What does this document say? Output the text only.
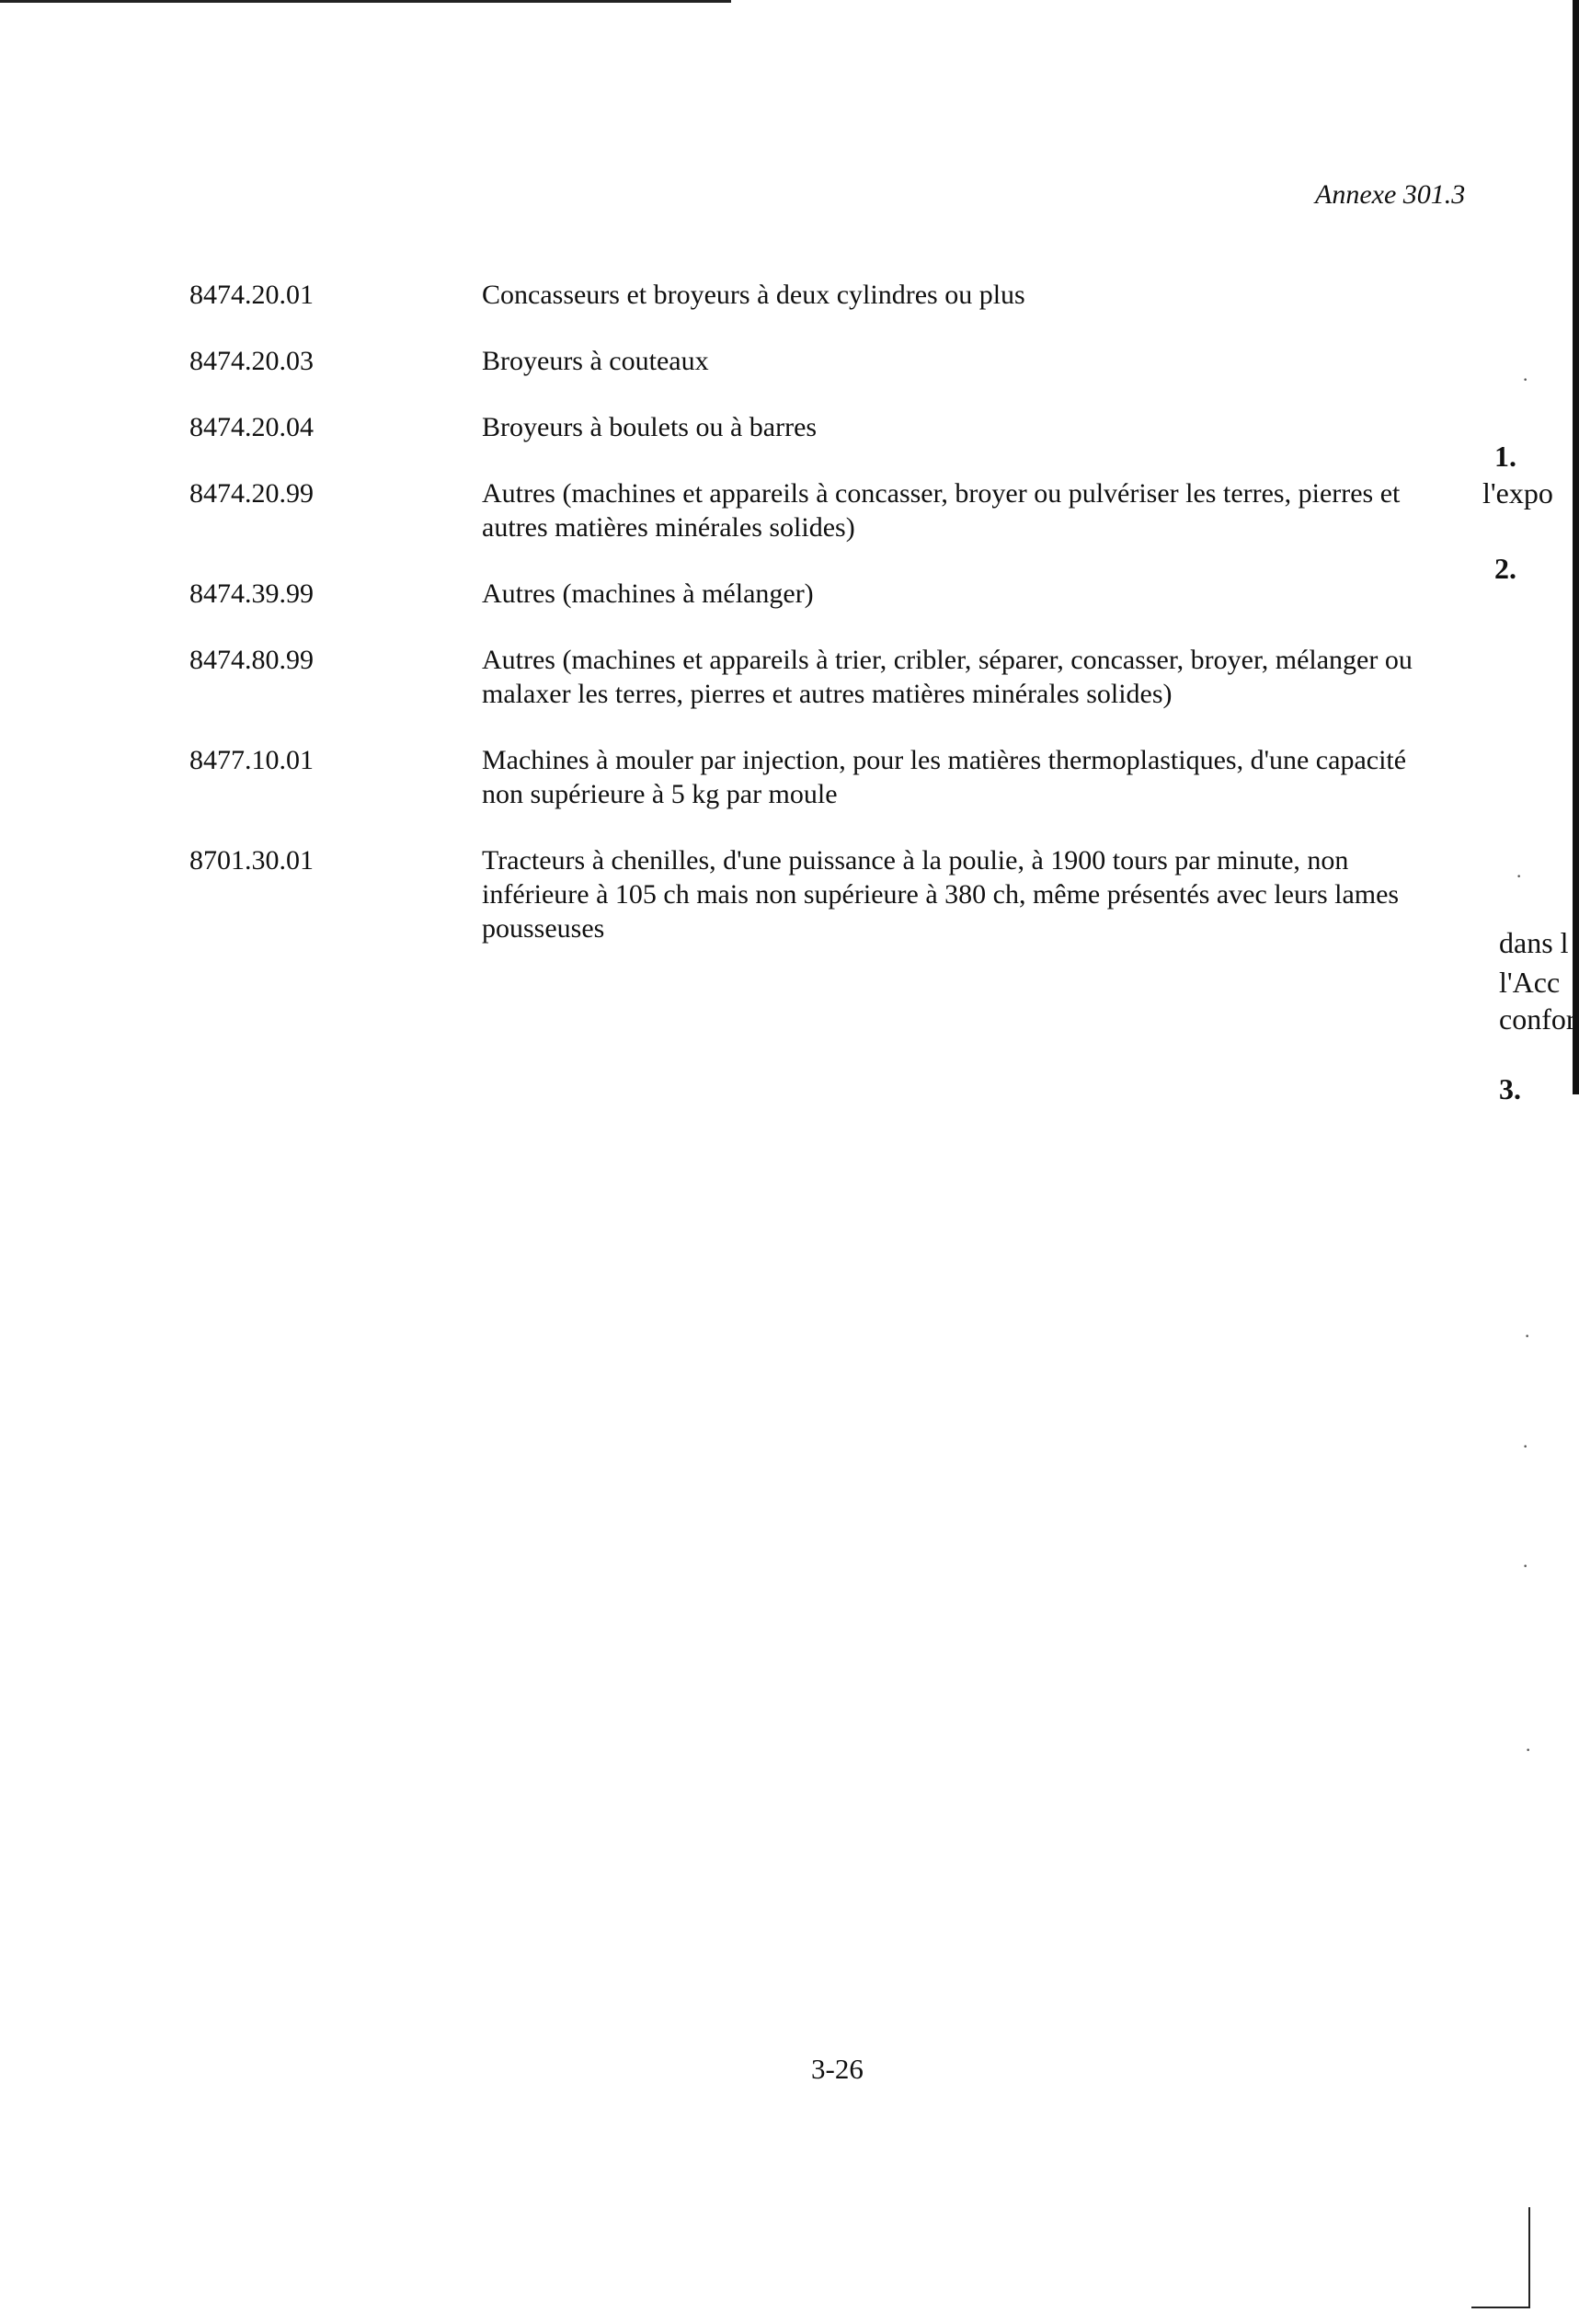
Annexe 301.3
8474.20.01	Concasseurs et broyeurs à deux cylindres ou plus
8474.20.03	Broyeurs à couteaux
8474.20.04	Broyeurs à boulets ou à barres
8474.20.99	Autres (machines et appareils à concasser, broyer ou pulvériser les terres, pierres et
autres matières minérales solides)
8474.39.99	Autres (machines à mélanger)
8474.80.99	Autres (machines et appareils à trier, cribler, séparer, concasser, broyer, mélanger ou
malaxer les terres, pierres et autres matières minérales solides)
8477.10.01	Machines à mouler par injection, pour les matières thermoplastiques, d'une capacité
non supérieure à 5 kg par moule
8701.30.01	Tracteurs à chenilles, d'une puissance à la poulie, à 1900 tours par minute, non
inférieure à 105 ch mais non supérieure à 380 ch, même présentés avec leurs lames
pousseuses
1.
l'expo
2.
dans l
l'Acc
confor
3.
·
·
·
·
·
·
3-26
